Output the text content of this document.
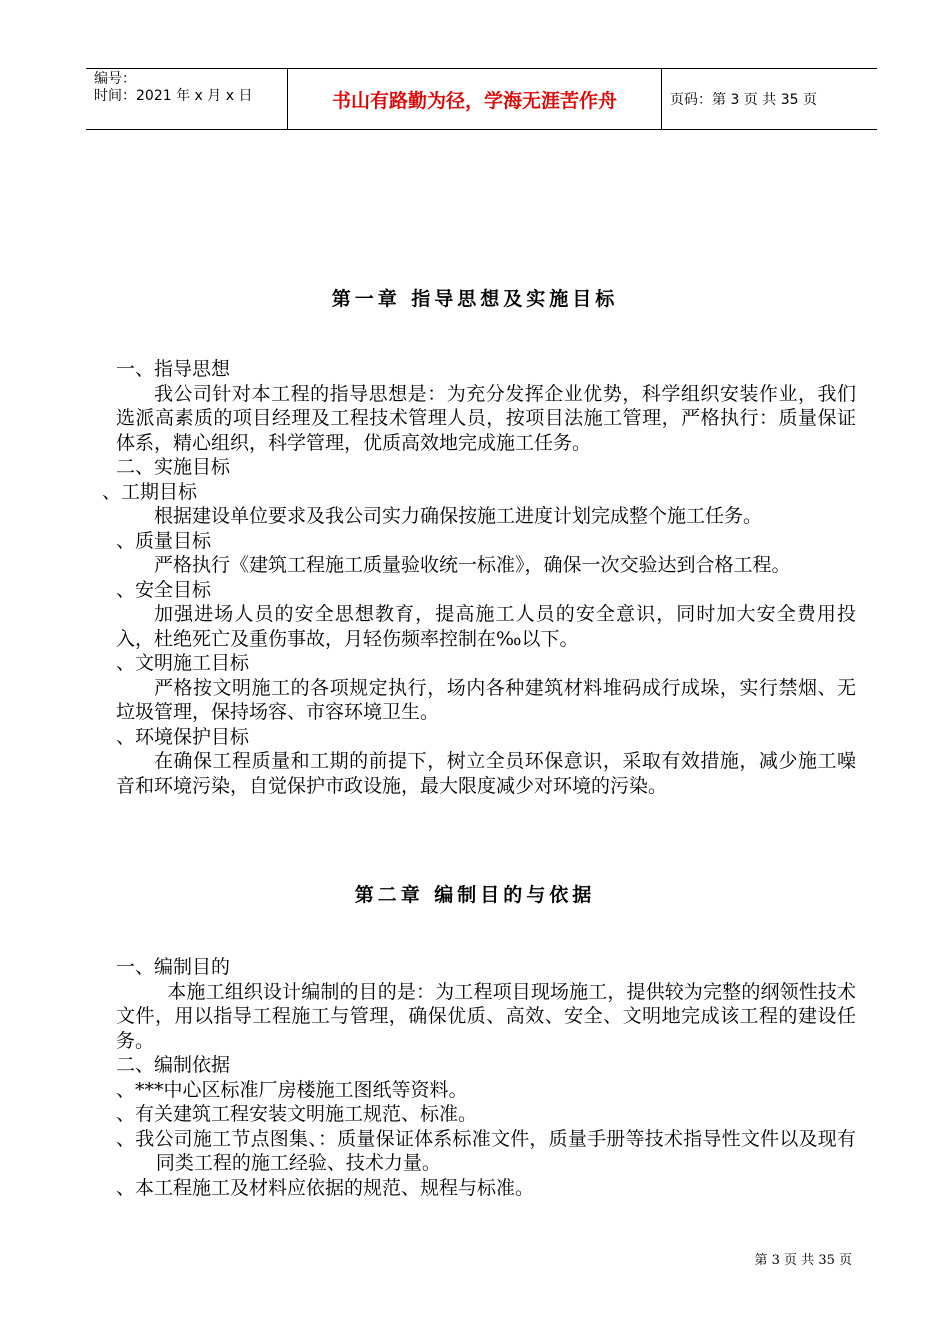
编号：
时间：2021 年 x 月 x 日	书山有路勤为径，学海无涯苦作舟	页码：第 3 页 共 35 页
第一章 指导思想及实施目标

一、指导思想

我公司针对本工程的指导思想是：为充分发挥企业优势，科学组织安装作业，我们选派高素质的项目经理及工程技术管理人员，按项目法施工管理，严格执行：质量保证体系，精心组织，科学管理，优质高效地完成施工任务。

二、实施目标

、工期目标

根据建设单位要求及我公司实力确保按施工进度计划完成整个施工任务。

、质量目标

严格执行《建筑工程施工质量验收统一标准》，确保一次交验达到合格工程。

、安全目标

加强进场人员的安全思想教育，提高施工人员的安全意识，同时加大安全费用投入，杜绝死亡及重伤事故，月轻伤频率控制在‰以下。

、文明施工目标

严格按文明施工的各项规定执行，场内各种建筑材料堆码成行成垛，实行禁烟、无垃圾管理，保持场容、市容环境卫生。

、环境保护目标

在确保工程质量和工期的前提下，树立全员环保意识，采取有效措施，减少施工噪音和环境污染，自觉保护市政设施，最大限度减少对环境的污染。

第二章 编制目的与依据

一、编制目的

本施工组织设计编制的目的是：为工程项目现场施工，提供较为完整的纲领性技术文件，用以指导工程施工与管理，确保优质、高效、安全、文明地完成该工程的建设任务。

二、编制依据

、***中心区标准厂房楼施工图纸等资料。

、有关建筑工程安装文明施工规范、标准。

、我公司施工节点图集、：质量保证体系标准文件，质量手册等技术指导性文件以及现有同类工程的施工经验、技术力量。

、本工程施工及材料应依据的规范、规程与标准。

第 3 页 共 35 页
